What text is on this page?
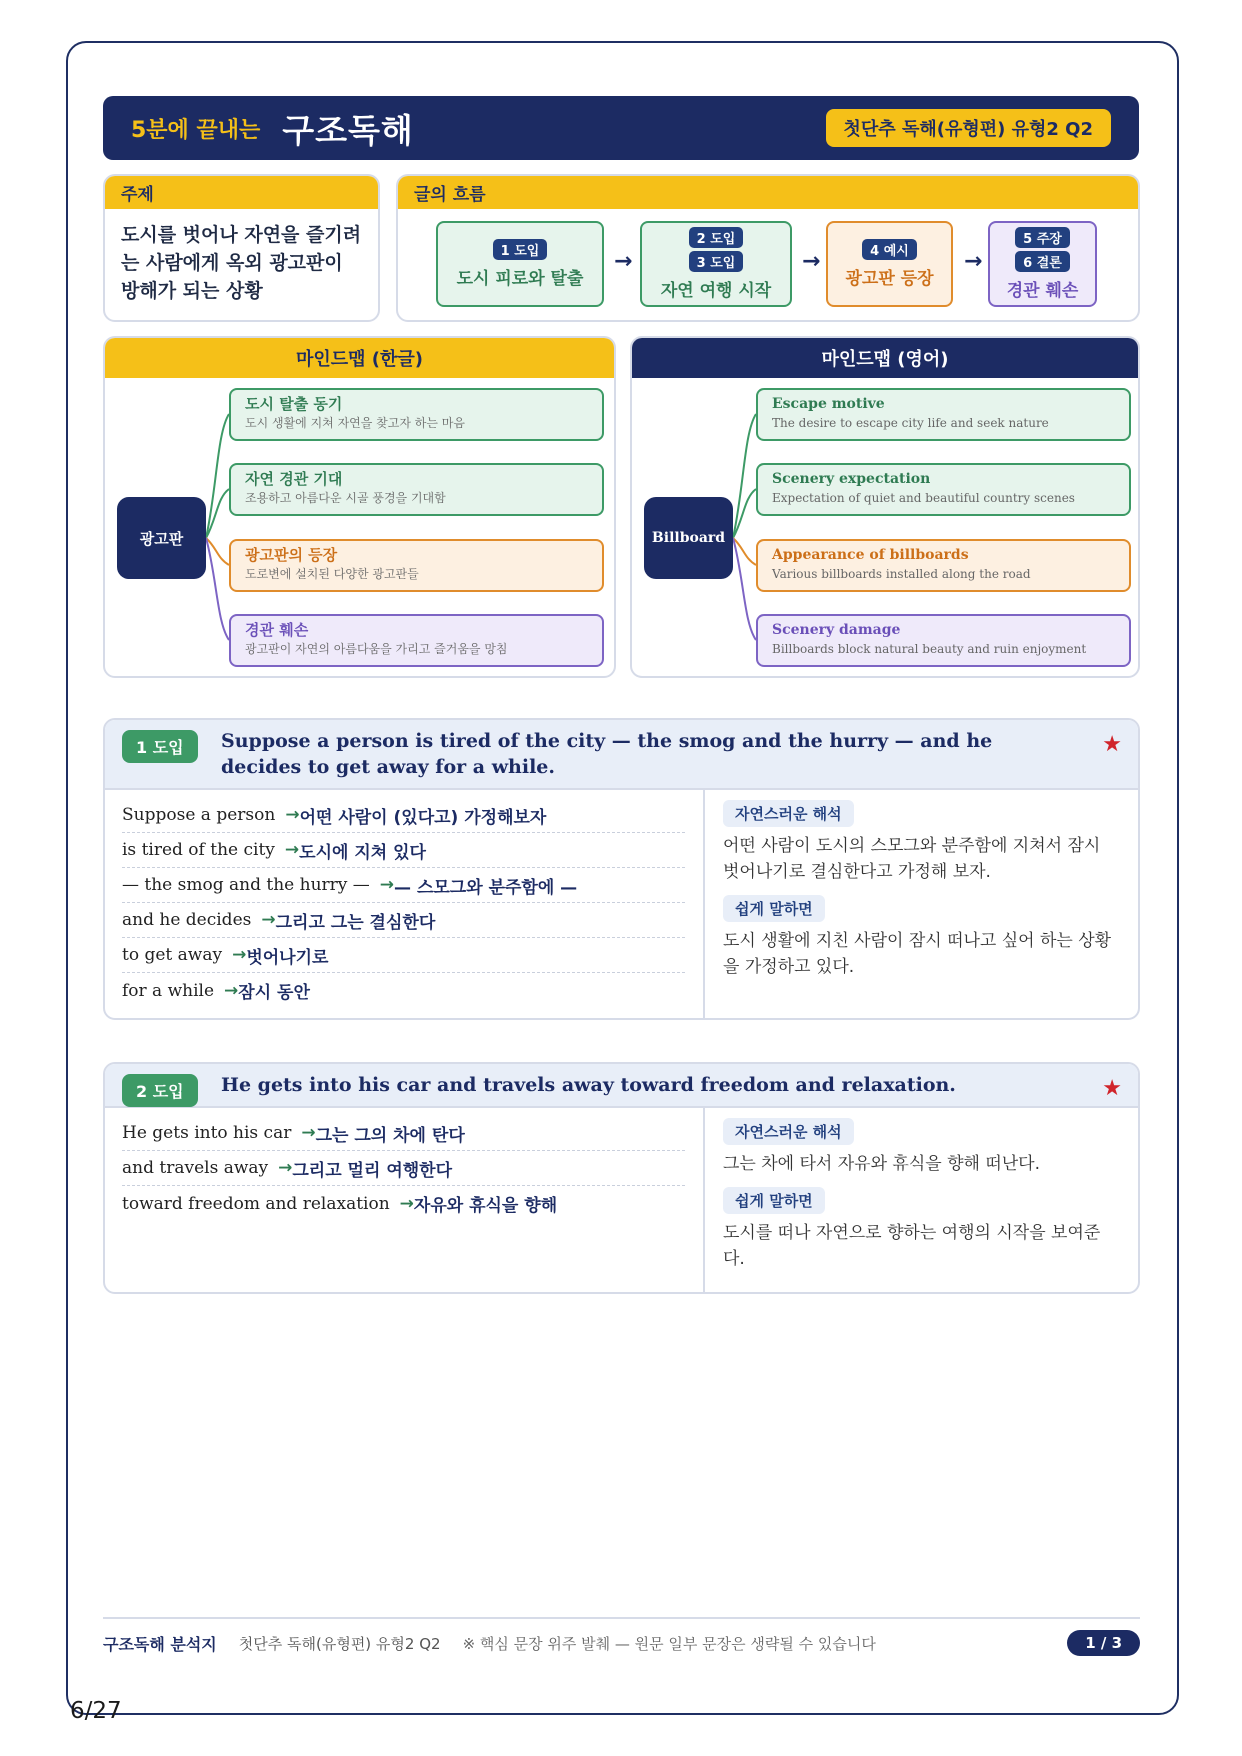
5분에 끝내는 구조독해	첫단추 독해(유형편) 유형2 Q2
주제
도시를 벗어나 자연을 즐기려는 사람에게 옥외 광고판이 방해가 되는 상황
글의 흐름
1 도입
도시 피로와 탈출
→
2 도입
3 도입
자연 여행 시작
→	4 예시
광고판 등장
→
5 주장
6 결론
경관 훼손
마인드맵 (한글)
광고판
도시 탈출 동기
도시 생활에 지쳐 자연을 찾고자 하는 마음
자연 경관 기대
조용하고 아름다운 시골 풍경을 기대함
광고판의 등장
도로변에 설치된 다양한 광고판들
경관 훼손
광고판이 자연의 아름다움을 가리고 즐거움을 망침
마인드맵 (영어)
Billboard
Escape motive
The desire to escape city life and seek nature
Scenery expectation
Expectation of quiet and beautiful country scenes
Appearance of billboards
Various billboards installed along the road
Scenery damage
Billboards block natural beauty and ruin enjoyment
1 도입	Suppose a person is tired of the city — the smog and the hurry — and he decides to get away for a while.
★
Suppose a person → 어떤 사람이 (있다고) 가정해보자
is tired of the city → 도시에 지쳐 있다
— the smog and the hurry — → — 스모그와 분주함에 —
and he decides → 그리고 그는 결심한다
to get away → 벗어나기로
for a while → 잠시 동안
자연스러운 해석
어떤 사람이 도시의 스모그와 분주함에 지쳐서 잠시 벗어나기로 결심한다고 가정해 보자.
쉽게 말하면
도시 생활에 지친 사람이 잠시 떠나고 싶어 하는 상황을 가정하고 있다.
2 도입	He gets into his car and travels away toward freedom and relaxation.	★
He gets into his car → 그는 그의 차에 탄다
and travels away → 그리고 멀리 여행한다
toward freedom and relaxation → 자유와 휴식을 향해
자연스러운 해석
그는 차에 타서 자유와 휴식을 향해 떠난다.
쉽게 말하면
도시를 떠나 자연으로 향하는 여행의 시작을 보여준다.
구조독해 분석지 첫단추 독해(유형편) 유형2 Q2 ※ 핵심 문장 위주 발췌 — 원문 일부 문장은 생략될 수 있습니다	1 / 3
6/27
